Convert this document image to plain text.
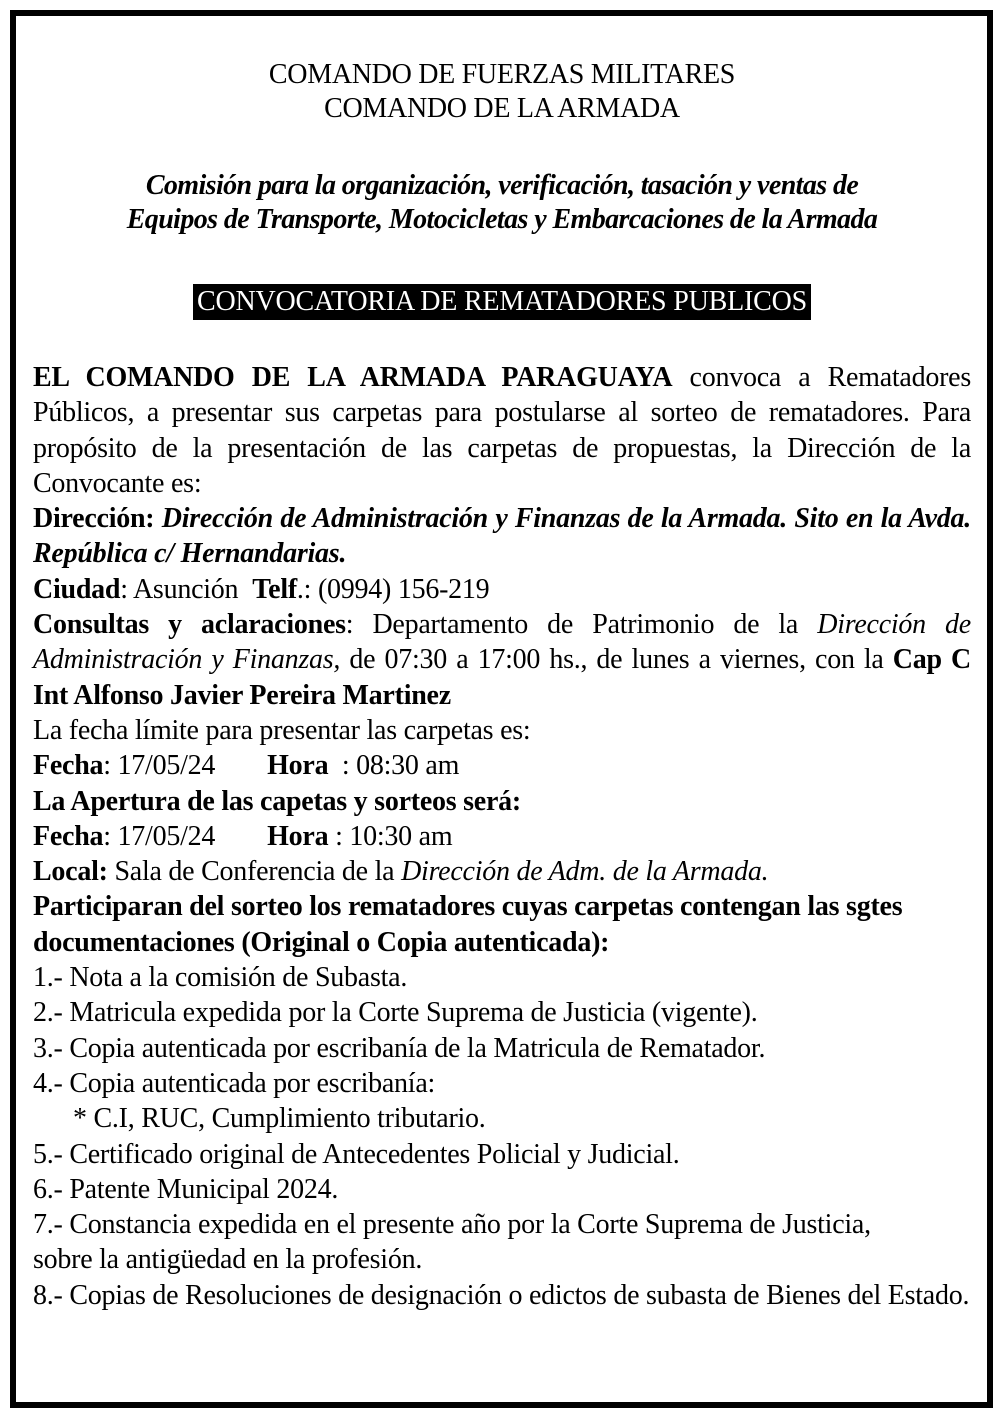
COMANDO DE FUERZAS MILITARES
COMANDO DE LA ARMADA
Comisión para la organización, verificación, tasación y ventas de
Equipos de Transporte, Motocicletas y Embarcaciones de la Armada
CONVOCATORIA DE REMATADORES PUBLICOS
EL COMANDO DE LA ARMADA PARAGUAYA convoca a Rematadores Públicos, a presentar sus carpetas para postularse al sorteo de rematadores. Para propósito de la presentación de las carpetas de propuestas, la Dirección de la Convocante es:
Dirección: Dirección de Administración y Finanzas de la Armada. Sito en la Avda. República c/ Hernandarias.
Ciudad: Asunción Telf.: (0994) 156-219
Consultas y aclaraciones: Departamento de Patrimonio de la Dirección de Administración y Finanzas, de 07:30 a 17:00 hs., de lunes a viernes, con la Cap C Int Alfonso Javier Pereira Martinez
La fecha límite para presentar las carpetas es:
Fecha: 17/05/24 Hora  : 08:30 am
La Apertura de las capetas y sorteos será:
Fecha: 17/05/24 Hora : 10:30 am
Local: Sala de Conferencia de la Dirección de Adm. de la Armada.
Participaran del sorteo los rematadores cuyas carpetas contengan las sgtes documentaciones (Original o Copia autenticada):
1.- Nota a la comisión de Subasta.
2.- Matricula expedida por la Corte Suprema de Justicia (vigente).
3.- Copia autenticada por escribanía de la Matricula de Rematador.
4.- Copia autenticada por escribanía:
* C.I, RUC, Cumplimiento tributario.
5.- Certificado original de Antecedentes Policial y Judicial.
6.- Patente Municipal 2024.
7.- Constancia expedida en el presente año por la Corte Suprema de Justicia, sobre la antigüedad en la profesión.
8.- Copias de Resoluciones de designación o edictos de subasta de Bienes del Estado.
